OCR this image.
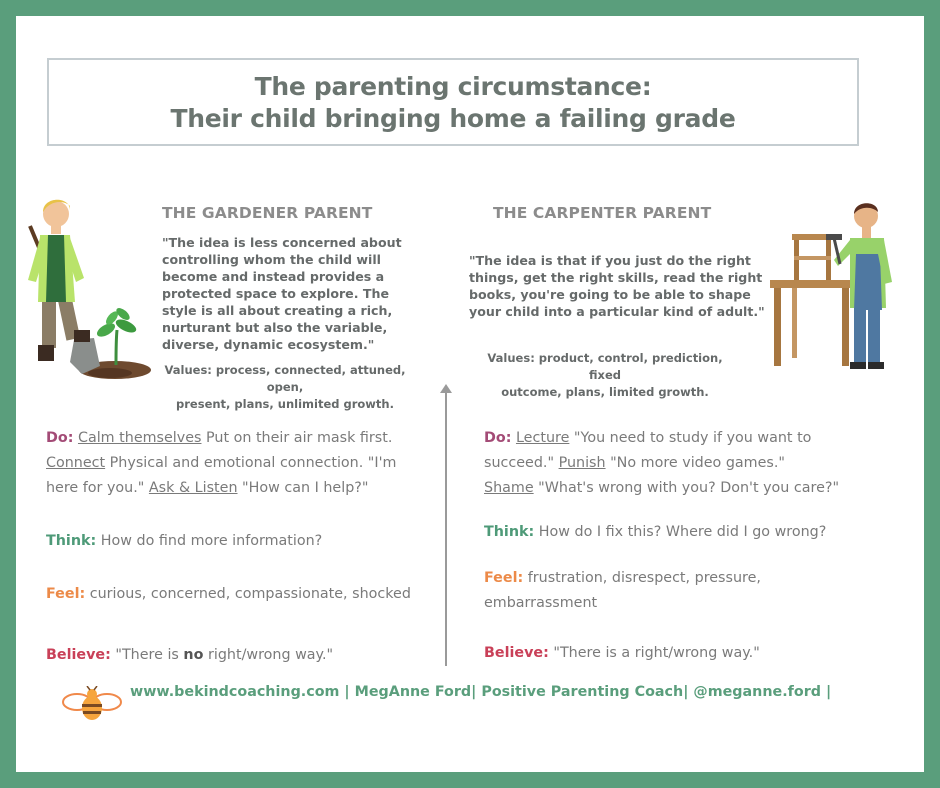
The parenting circumstance:
Their child bringing home a failing grade
THE GARDENER PARENT
"The idea is less concerned about
controlling whom the child will
become and instead provides a
protected space to explore. The
style is all about creating a rich,
nurturant but also the variable,
diverse, dynamic ecosystem."
Values: process, connected, attuned, open,
present, plans, unlimited growth.
THE CARPENTER PARENT
"The idea is that if you just do the right
things, get the right skills, read the right
books, you're going to be able to shape
your child into a particular kind of adult."
Values: product, control, prediction, fixed
outcome, plans, limited growth.
Do: Calm themselves Put on their air mask first.
Connect Physical and emotional connection. "I'm
here for you." Ask & Listen "How can I help?"
Think: How do find more information?
Feel: curious, concerned, compassionate, shocked
Believe: "There is no right/wrong way."
Do: Lecture "You need to study if you want to
succeed." Punish "No more video games."
Shame "What's wrong with you? Don't you care?"
Think: How do I fix this? Where did I go wrong?
Feel: frustration, disrespect, pressure,
embarrassment
Believe: "There is a right/wrong way."
www.bekindcoaching.com | MegAnne Ford| Positive Parenting Coach| @meganne.ford |
